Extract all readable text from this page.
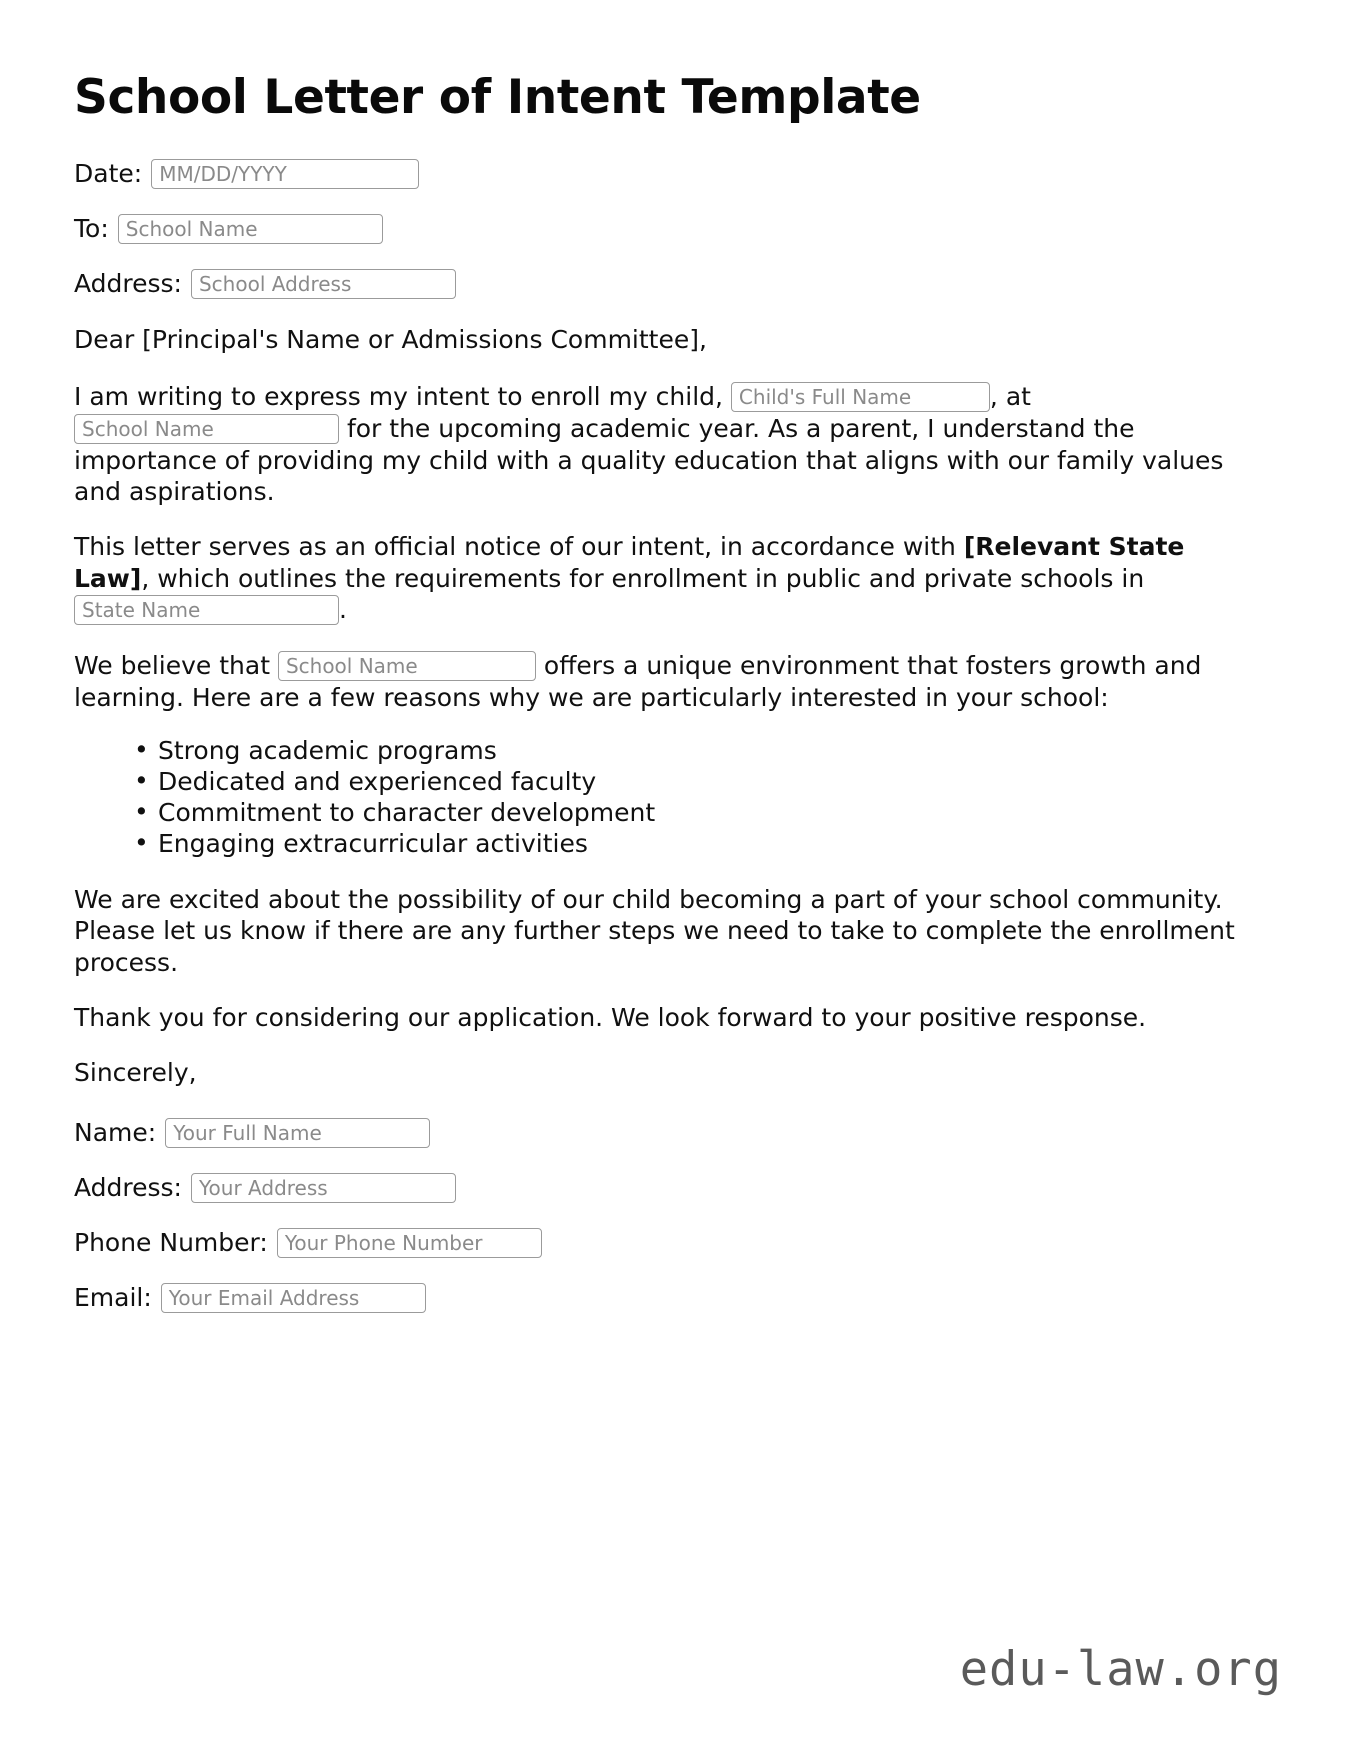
School Letter of Intent Template
Date: MM/DD/YYYY
To: School Name
Address: School Address

Dear [Principal's Name or Admissions Committee],

I am writing to express my intent to enroll my child, Child's Full Name	, at School Name	for the upcoming academic year. As a parent, I understand the importance of providing my child with a quality education that aligns with our family values and aspirations.

This letter serves as an official notice of our intent, in accordance with [Relevant State Law], which outlines the requirements for enrollment in public and private schools in State Name	.

We believe that School Name	offers a unique environment that fosters growth and learning. Here are a few reasons why we are particularly interested in your school:

• Strong academic programs
• Dedicated and experienced faculty
• Commitment to character development
• Engaging extracurricular activities

We are excited about the possibility of our child becoming a part of your school community. Please let us know if there are any further steps we need to take to complete the enrollment process.

Thank you for considering our application. We look forward to your positive response.

Sincerely,

Name: Your Full Name
Address: Your Address
Phone Number: Your Phone Number
Email: Your Email Address
edu-law.org
